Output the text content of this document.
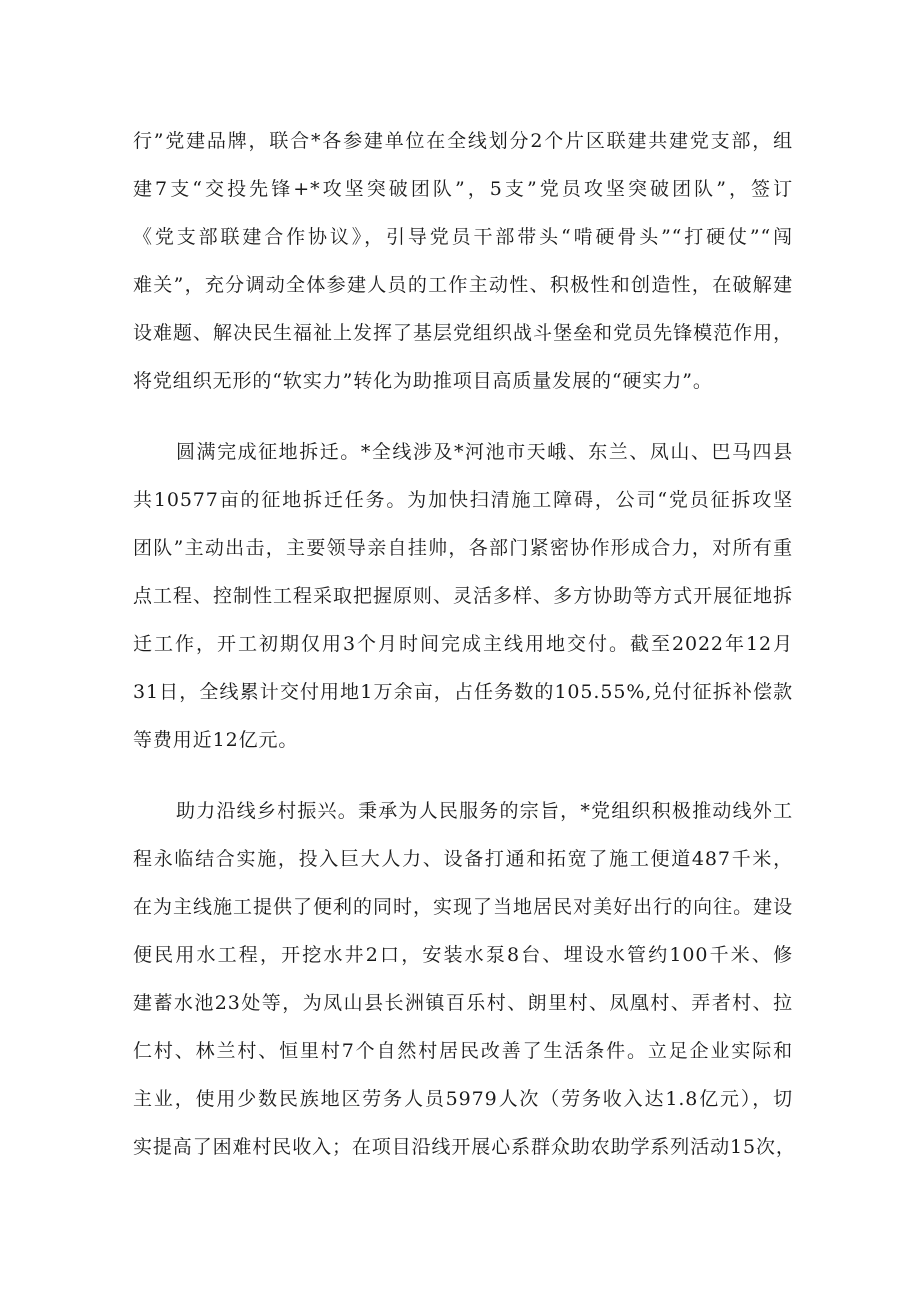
行”党建品牌，联合*各参建单位在全线划分2个片区联建共建党支部，组
建7支“交投先锋+*攻坚突破团队”，5支”党员攻坚突破团队”，签订
《党支部联建合作协议》，引导党员干部带头“啃硬骨头”“打硬仗”“闯
难关”，充分调动全体参建人员的工作主动性、积极性和创造性，在破解建
设难题、解决民生福祉上发挥了基层党组织战斗堡垒和党员先锋模范作用，
将党组织无形的“软实力”转化为助推项目高质量发展的“硬实力”。
圆满完成征地拆迁。*全线涉及*河池市天峨、东兰、凤山、巴马四县
共10577亩的征地拆迁任务。为加快扫清施工障碍，公司“党员征拆攻坚
团队”主动出击，主要领导亲自挂帅，各部门紧密协作形成合力，对所有重
点工程、控制性工程采取把握原则、灵活多样、多方协助等方式开展征地拆
迁工作，开工初期仅用3个月时间完成主线用地交付。截至2022年12月
31日，全线累计交付用地1万余亩，占任务数的105.55%,兑付征拆补偿款
等费用近12亿元。
助力沿线乡村振兴。秉承为人民服务的宗旨，*党组织积极推动线外工
程永临结合实施，投入巨大人力、设备打通和拓宽了施工便道487千米，
在为主线施工提供了便利的同时，实现了当地居民对美好出行的向往。建设
便民用水工程，开挖水井2口，安装水泵8台、埋设水管约100千米、修
建蓄水池23处等，为凤山县长洲镇百乐村、朗里村、凤凰村、弄者村、拉
仁村、林兰村、恒里村7个自然村居民改善了生活条件。立足企业实际和
主业，使用少数民族地区劳务人员5979人次（劳务收入达1.8亿元），切
实提高了困难村民收入；在项目沿线开展心系群众助农助学系列活动15次，
